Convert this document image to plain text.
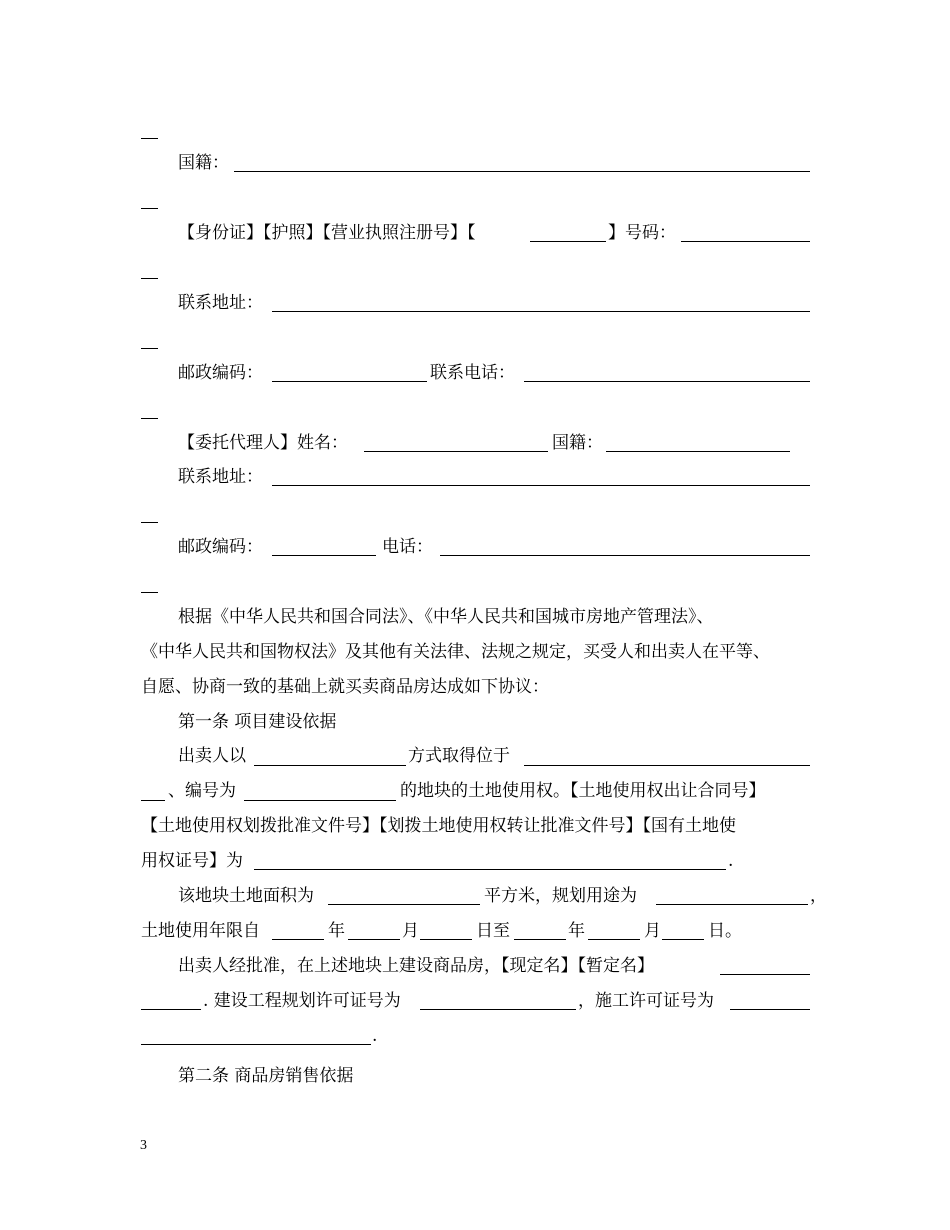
国籍：
【身份证】【护照】【营业执照注册号】【	】号码：
联系地址：
邮政编码：	联系电话：
【委托代理人】姓名：	国籍：
联系地址：
邮政编码：	电话：
根据《中华人民共和国合同法》、《中华人民共和国城市房地产管理法》、
《中华人民共和国物权法》及其他有关法律、法规之规定，买受人和出卖人在平等、
自愿、协商一致的基础上就买卖商品房达成如下协议：
第一条 项目建设依据
出卖人以	方式取得位于
、编号为	的地块的土地使用权。【土地使用权出让合同号】
【土地使用权划拨批准文件号】【划拨土地使用权转让批准文件号】【国有土地使
用权证号】为	.
该地块土地面积为	平方米，规划用途为	，
土地使用年限自	年	月	日至	年	月	日。
出卖人经批准，在上述地块上建设商品房，【现定名】【暂定名】
. 建设工程规划许可证号为	，施工许可证号为
.
第二条 商品房销售依据
3
